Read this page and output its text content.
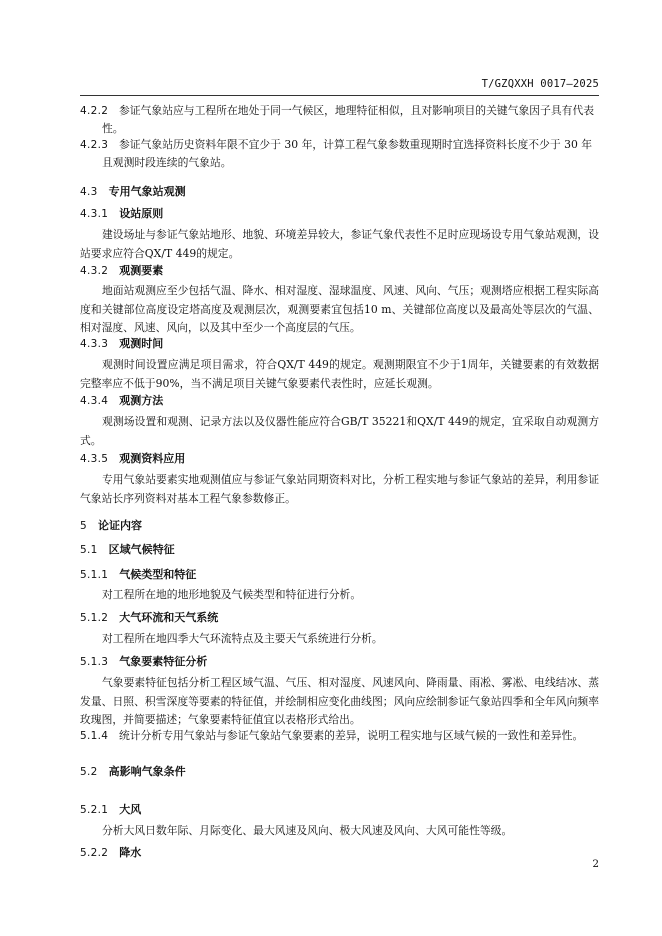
T/GZQXXH 0017—2025
4.2.2  参证气象站应与工程所在地处于同一气候区，地理特征相似，且对影响项目的关键气象因子具有代表性。
4.2.3  参证气象站历史资料年限不宜少于 30 年，计算工程气象参数重现期时宜选择资料长度不少于 30 年且观测时段连续的气象站。
4.3  专用气象站观测
4.3.1  设站原则
建设场址与参证气象站地形、地貌、环境差异较大，参证气象代表性不足时应现场设专用气象站观测，设站要求应符合QX/T 449的规定。
4.3.2  观测要素
地面站观测应至少包括气温、降水、相对湿度、湿球温度、风速、风向、气压；观测塔应根据工程实际高度和关键部位高度设定塔高度及观测层次，观测要素宜包括10 m、关键部位高度以及最高处等层次的气温、相对湿度、风速、风向，以及其中至少一个高度层的气压。
4.3.3  观测时间
观测时间设置应满足项目需求，符合QX/T 449的规定。观测期限宜不少于1周年，关键要素的有效数据完整率应不低于90%，当不满足项目关键气象要素代表性时，应延长观测。
4.3.4  观测方法
观测场设置和观测、记录方法以及仪器性能应符合GB/T 35221和QX/T 449的规定，宜采取自动观测方式。
4.3.5  观测资料应用
专用气象站要素实地观测值应与参证气象站同期资料对比，分析工程实地与参证气象站的差异，利用参证气象站长序列资料对基本工程气象参数修正。
5  论证内容
5.1  区域气候特征
5.1.1  气候类型和特征
对工程所在地的地形地貌及气候类型和特征进行分析。
5.1.2  大气环流和天气系统
对工程所在地四季大气环流特点及主要天气系统进行分析。
5.1.3  气象要素特征分析
气象要素特征包括分析工程区域气温、气压、相对湿度、风速风向、降雨量、雨凇、雾凇、电线结冰、蒸发量、日照、积雪深度等要素的特征值，并绘制相应变化曲线图；风向应绘制参证气象站四季和全年风向频率玫瑰图，并简要描述；气象要素特征值宜以表格形式给出。
5.1.4  统计分析专用气象站与参证气象站气象要素的差异，说明工程实地与区域气候的一致性和差异性。
5.2  高影响气象条件
5.2.1  大风
分析大风日数年际、月际变化、最大风速及风向、极大风速及风向、大风可能性等级。
5.2.2  降水
2
